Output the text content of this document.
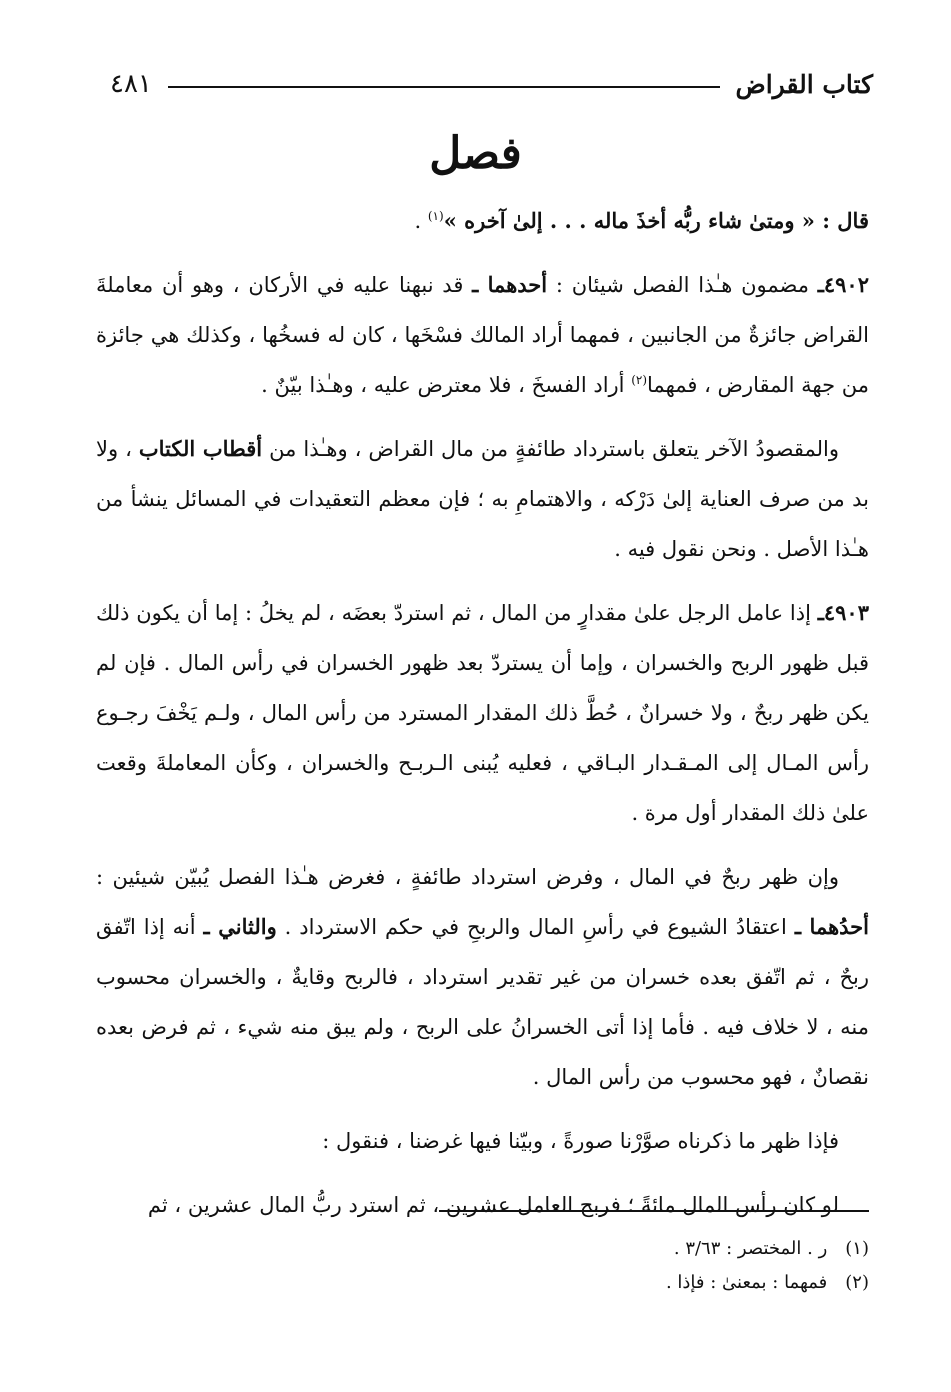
كتاب القراض
٤٨١
فصل

قال : « ومتىٰ شاء ربُّه أخذَ ماله . . . إلىٰ آخره »$^{(١)}$ .

٤٩٠٢ـ مضمون هـٰذا الفصل شيئان : أحدهما ـ قد نبهنا عليه في الأركان ، وهو أن معاملةَ القراض جائزةٌ من الجانبين ، فمهما أراد المالك فسْخَها ، كان له فسخُها ، وكذلك هي جائزة من جهة المقارض ، فمهما$^{(٢)}$ أراد الفسخَ ، فلا معترض عليه ، وهـٰذا بيّنٌ .

والمقصودُ الآخر يتعلق باسترداد طائفةٍ من مال القراض ، وهـٰذا من أقطاب الكتاب ، ولا بد من صرف العناية إلىٰ دَرْكه ، والاهتمامِ به ؛ فإن معظم التعقيدات في المسائل ينشأ من هـٰذا الأصل . ونحن نقول فيه .

٤٩٠٣ـ إذا عامل الرجل علىٰ مقدارٍ من المال ، ثم استردّ بعضَه ، لم يخلُ : إما أن يكون ذلك قبل ظهور الربح والخسران ، وإما أن يستردّ بعد ظهور الخسران في رأس المال . فإن لم يكن ظهر ربحٌ ، ولا خسرانٌ ، حُطَّ ذلك المقدار المسترد من رأس المال ، ولـم يَخْفَ رجـوع رأس المـال إلى المـقـدار البـاقي ، فعليه يُبنى الـربـح والخسران ، وكأن المعاملةَ وقعت علىٰ ذلك المقدار أول مرة .

وإن ظهر ربحٌ في المال ، وفرض استرداد طائفةٍ ، فغرض هـٰذا الفصل يُبيّن شيئين : أحدُهما ـ اعتقادُ الشيوع في رأسِ المال والربحِ في حكم الاسترداد . والثاني ـ أنه إذا اتّفق ربحٌ ، ثم اتّفق بعده خسران من غير تقدير استرداد ، فالربح وقايةٌ ، والخسران محسوب منه ، لا خلاف فيه . فأما إذا أتى الخسرانُ على الربح ، ولم يبق منه شيء ، ثم فرض بعده نقصانٌ ، فهو محسوب من رأس المال .

فإذا ظهر ما ذكرناه صوَّرْنا صورةً ، وبيّنا فيها غرضنا ، فنقول :

لو كان رأس المال مائةً ؛ فربح العامل عشرين ، ثم استرد ربُّ المال عشرين ، ثم

(١)
ر . المختصر : ٣/٦٣ .
(٢)
فمهما : بمعنىٰ : فإذا .
